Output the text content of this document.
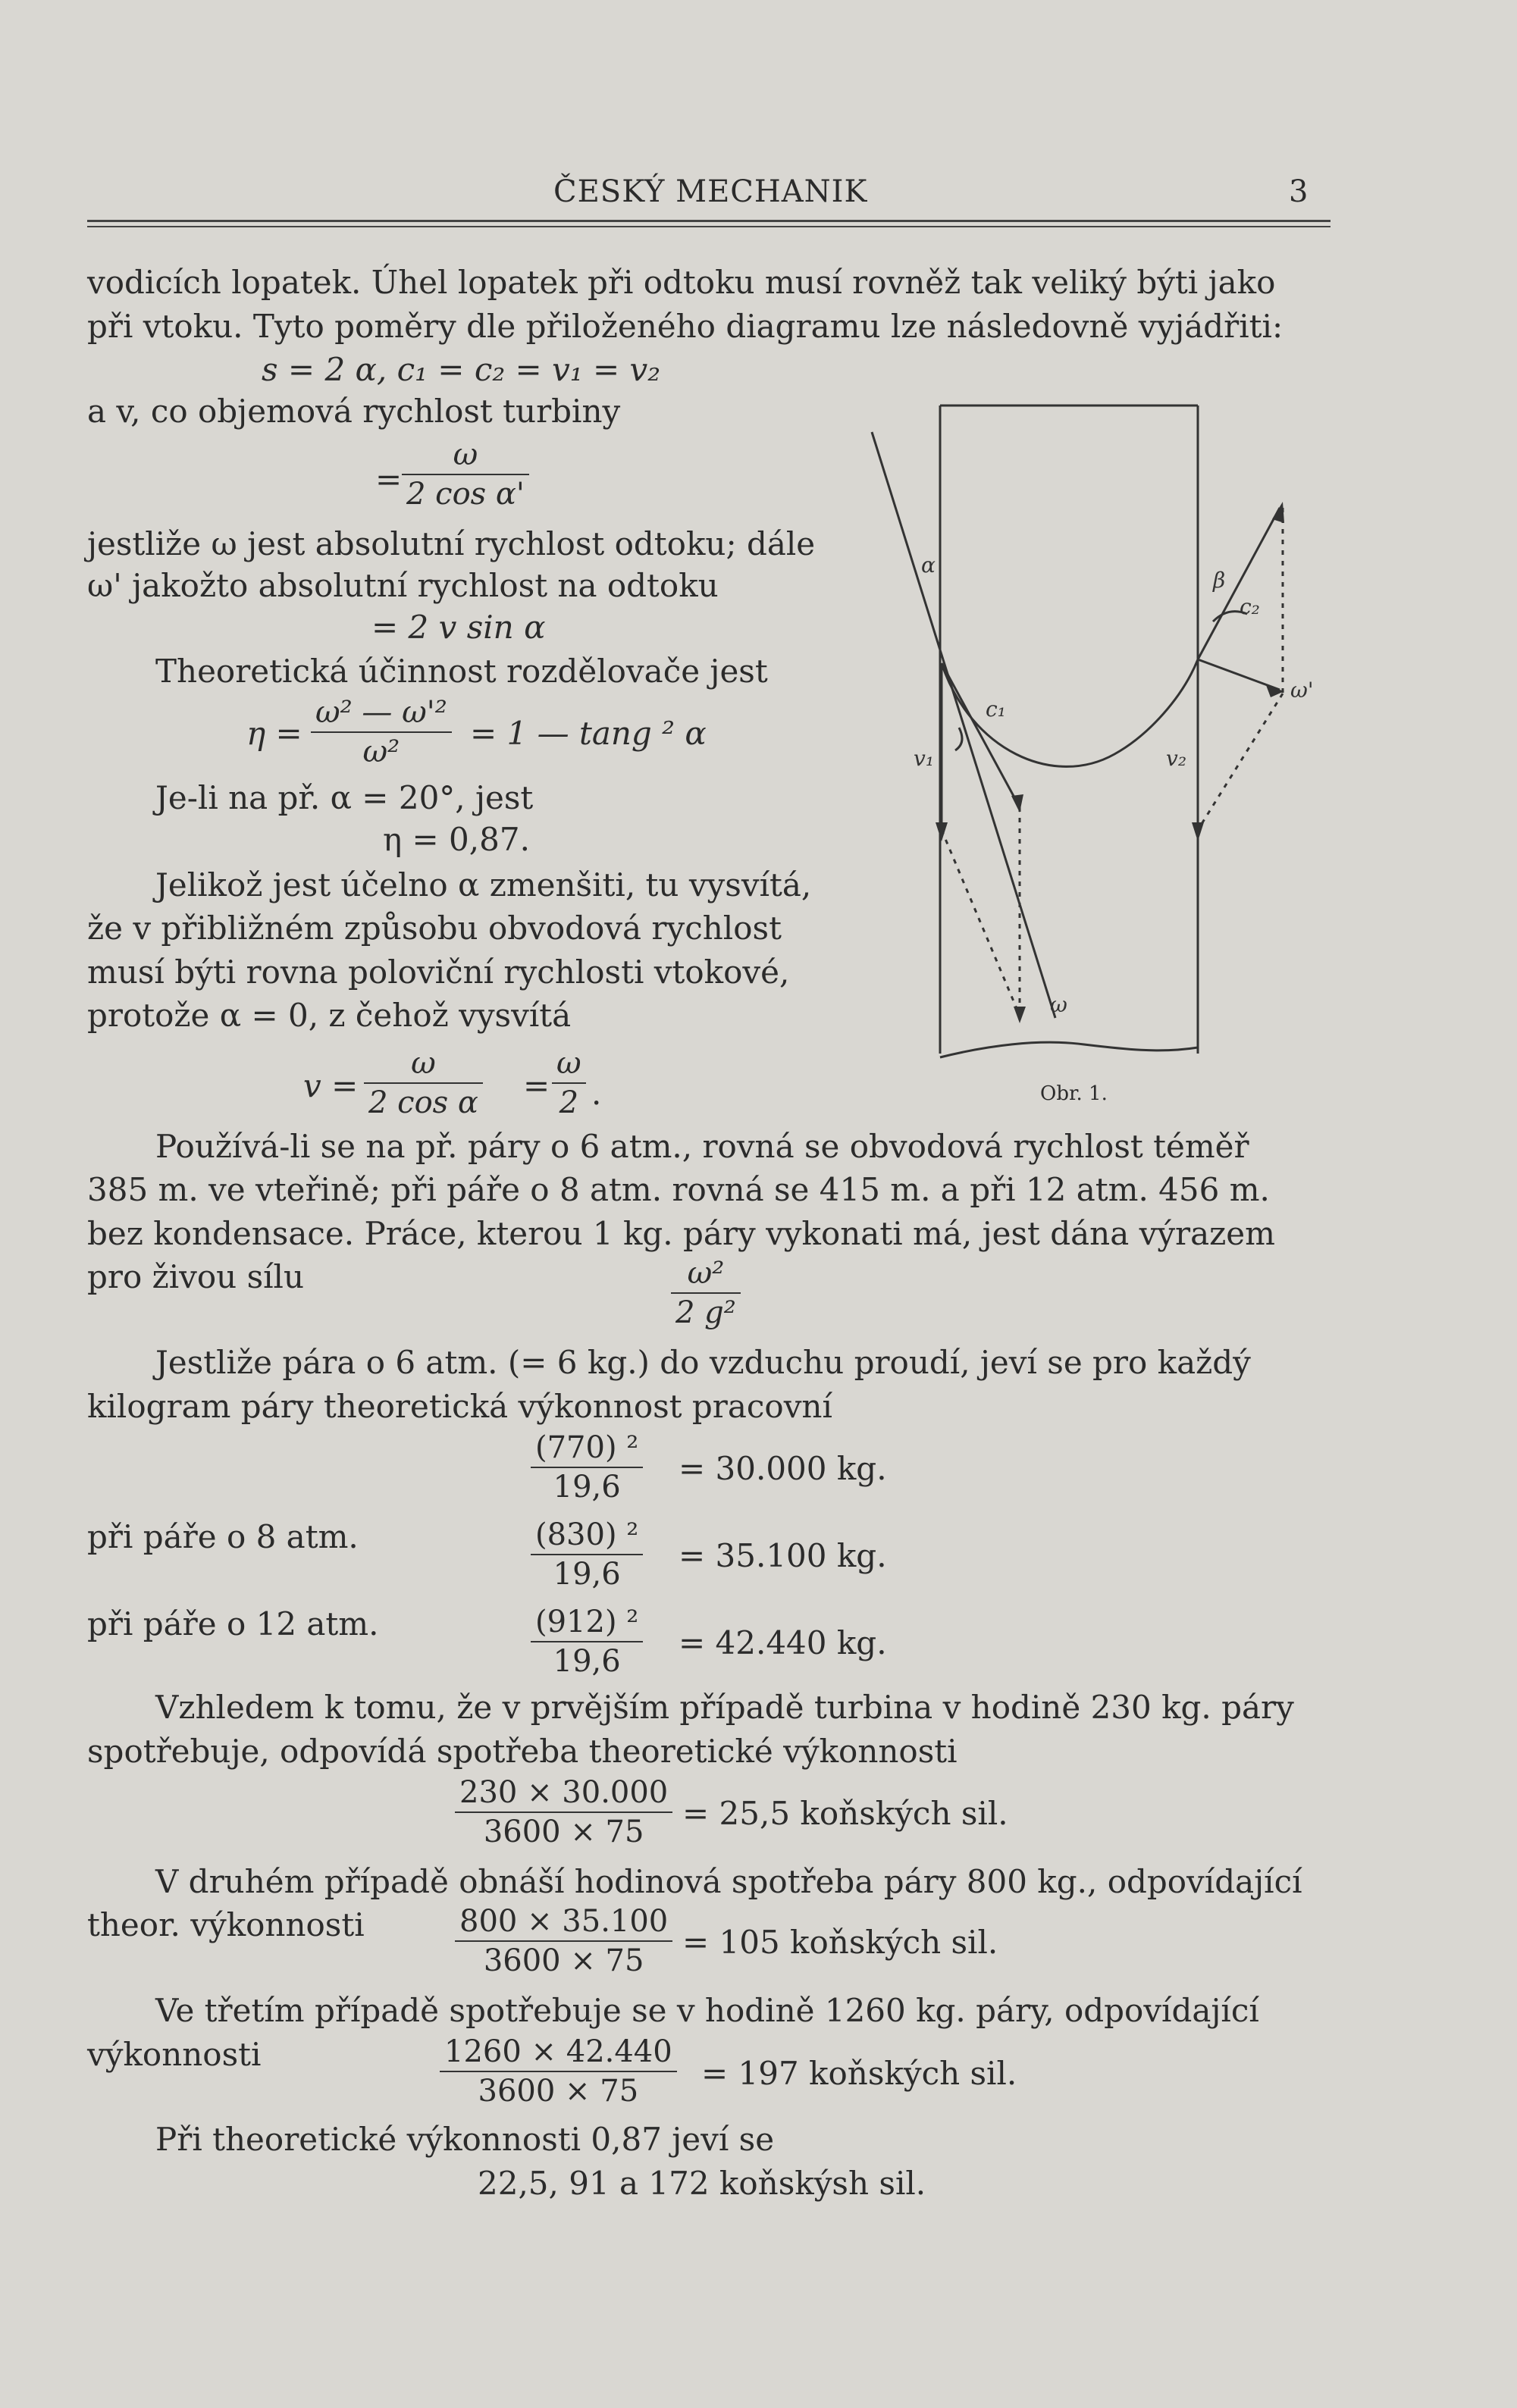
ČESKÝ MECHANIK	3
vodicích lopatek. Úhel lopatek při odtoku musí rovněž tak veliký býti jako
při vtoku. Tyto poměry dle přiloženého diagramu lze následovně vyjádřiti:
s = 2 α, c₁ = c₂ = v₁ = v₂
a v, co objemová rychlost turbiny
= $\frac{\omega}{\text{2 cos α'}}$
jestliže ω jest absolutní rychlost odtoku; dále
ω' jakožto absolutní rychlost na odtoku
= 2 v sin α
Theoretická účinnost rozdělovače jest
$\eta = \frac{\text{ω² — ω'²}}{\text{ω²}} = 1$ — tang ² α
Je-li na př. α = 20°, jest
η = 0,87.
Jelikož jest účelno α zmenšiti, tu vysvítá,
že v přibližném způsobu obvodová rychlost
musí býti rovna poloviční rychlosti vtokové,
protože α = 0, z čehož vysvítá
$v = \frac{\omega}{\text{2 cos α}} = \frac{\omega}{2}$ .
Používá-li se na př. páry o 6 atm., rovná se obvodová rychlost téměř
385 m. ve vteřině; při páře o 8 atm. rovná se 415 m. a při 12 atm. 456 m.
bez kondensace. Práce, kterou 1 kg. páry vykonati má, jest dána výrazem
pro živou sílu	$\frac{\text{ω²}}{\text{2 g²}}$
Jestliže pára o 6 atm. (= 6 kg.) do vzduchu proudí, jeví se pro každý
kilogram páry theoretická výkonnost pracovní
$\frac{\text{(770) ²}}{19,6} = 30.000$ kg.
při páře o 8 atm.	$\frac{\text{(830) ²}}{19,6} = 35.100$ kg.
při páře o 12 atm.	$\frac{\text{(912) ²}}{19,6} = 42.440$ kg.
Vzhledem k tomu, že v prvějším případě turbina v hodině 230 kg. páry
spotřebuje, odpovídá spotřeba theoretické výkonnosti
$\frac{230 \times 30.000}{3600 \times 75} = 25,5$ koňských sil.
V druhém případě obnáší hodinová spotřeba páry 800 kg., odpovídající
theor. výkonnosti	$\frac{800 \times 35.100}{3600 \times 75} = 105$ koňských sil.
Ve třetím případě spotřebuje se v hodině 1260 kg. páry, odpovídající
výkonnosti	$\frac{1260 \times 42.440}{3600 \times 75} = 197$ koňských sil.
Při theoretické výkonnosti 0,87 jeví se
22,5, 91 a 172 koňskýsh sil.
α
β
c₂
c₁
v₁	v₂
ω
ω'
Obr. 1.
